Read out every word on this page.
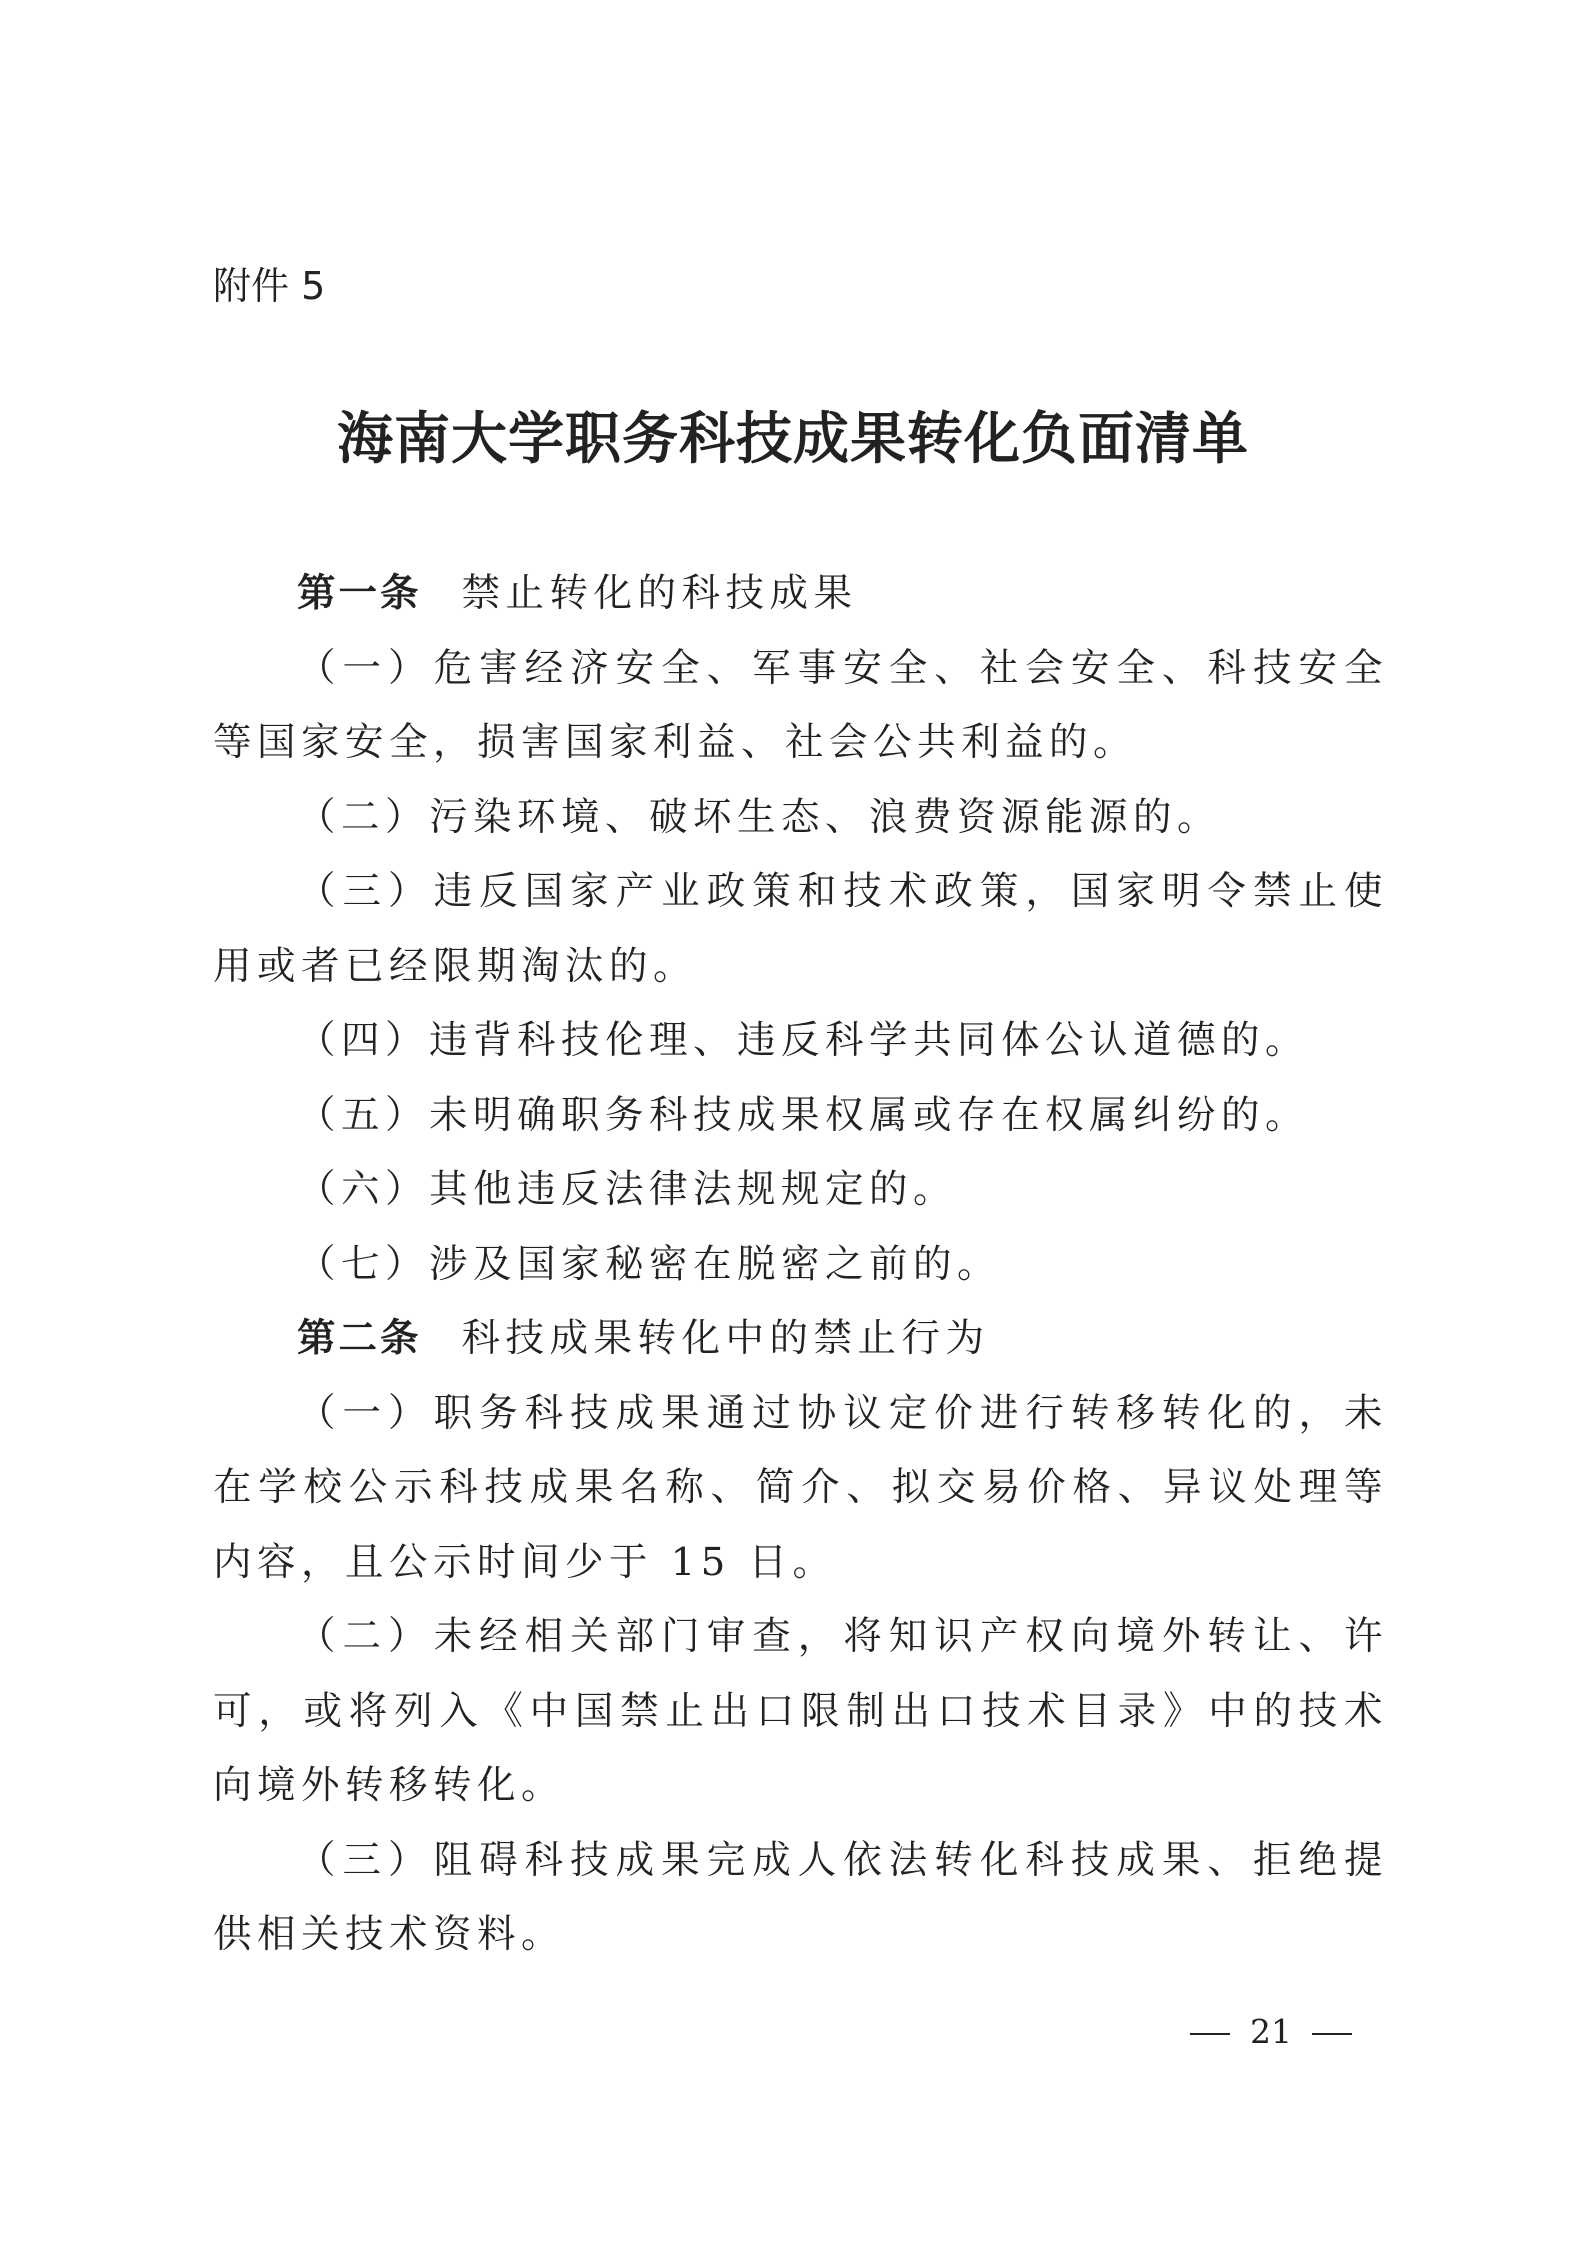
附件 5
海南大学职务科技成果转化负面清单

第一条 禁止转化的科技成果

（一）危害经济安全、军事安全、社会安全、科技安全等国家安全，损害国家利益、社会公共利益的。

（二）污染环境、破坏生态、浪费资源能源的。

（三）违反国家产业政策和技术政策，国家明令禁止使用或者已经限期淘汰的。

（四）违背科技伦理、违反科学共同体公认道德的。

（五）未明确职务科技成果权属或存在权属纠纷的。

（六）其他违反法律法规规定的。

（七）涉及国家秘密在脱密之前的。

第二条 科技成果转化中的禁止行为

（一）职务科技成果通过协议定价进行转移转化的，未在学校公示科技成果名称、简介、拟交易价格、异议处理等内容，且公示时间少于 15 日。

（二）未经相关部门审查，将知识产权向境外转让、许可，或将列入《中国禁止出口限制出口技术目录》中的技术向境外转移转化。

（三）阻碍科技成果完成人依法转化科技成果、拒绝提供相关技术资料。

21
